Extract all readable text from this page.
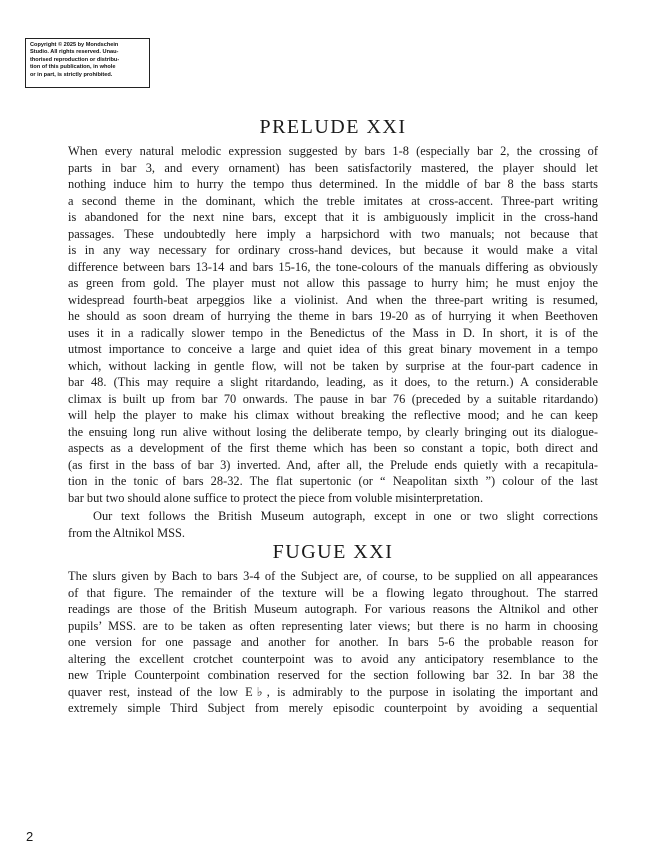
Copyright © 2025 by Mondschein
Studio. All rights reserved. Unau-
thorised reproduction or distribu-
tion of this publication, in whole
or in part, is strictly prohibited.
PRELUDE XXI
When every natural melodic expression suggested by bars 1-8 (especially bar 2, the crossing of
parts in bar 3, and every ornament) has been satisfactorily mastered, the player should let
nothing induce him to hurry the tempo thus determined. In the middle of bar 8 the bass starts
a second theme in the dominant, which the treble imitates at cross-accent. Three-part writing
is abandoned for the next nine bars, except that it is ambiguously implicit in the cross-hand
passages. These undoubtedly here imply a harpsichord with two manuals; not because that
is in any way necessary for ordinary cross-hand devices, but because it would make a vital
difference between bars 13-14 and bars 15-16, the tone-colours of the manuals differing as obviously
as green from gold. The player must not allow this passage to hurry him; he must enjoy the
widespread fourth-beat arpeggios like a violinist. And when the three-part writing is resumed,
he should as soon dream of hurrying the theme in bars 19-20 as of hurrying it when Beethoven
uses it in a radically slower tempo in the Benedictus of the Mass in D. In short, it is of the
utmost importance to conceive a large and quiet idea of this great binary movement in a tempo
which, without lacking in gentle flow, will not be taken by surprise at the four-part cadence in
bar 48. (This may require a slight ritardando, leading, as it does, to the return.) A considerable
climax is built up from bar 70 onwards. The pause in bar 76 (preceded by a suitable ritardando)
will help the player to make his climax without breaking the reflective mood; and he can keep
the ensuing long run alive without losing the deliberate tempo, by clearly bringing out its dialogue-
aspects as a development of the first theme which has been so constant a topic, both direct and
(as first in the bass of bar 3) inverted. And, after all, the Prelude ends quietly with a recapitula-
tion in the tonic of bars 28-32. The flat supertonic (or “ Neapolitan sixth ”) colour of the last
bar but two should alone suffice to protect the piece from voluble misinterpretation.
Our text follows the British Museum autograph, except in one or two slight corrections
from the Altnikol MSS.
FUGUE XXI
The slurs given by Bach to bars 3-4 of the Subject are, of course, to be supplied on all appearances
of that figure. The remainder of the texture will be a flowing legato throughout. The starred
readings are those of the British Museum autograph. For various reasons the Altnikol and other
pupils’ MSS. are to be taken as often representing later views; but there is no harm in choosing
one version for one passage and another for another. In bars 5-6 the probable reason for
altering the excellent crotchet counterpoint was to avoid any anticipatory resemblance to the
new Triple Counterpoint combination reserved for the section following bar 32. In bar 38 the
quaver rest, instead of the low E♭, is admirably to the purpose in isolating the important and
extremely simple Third Subject from merely episodic counterpoint by avoiding a sequential
2
